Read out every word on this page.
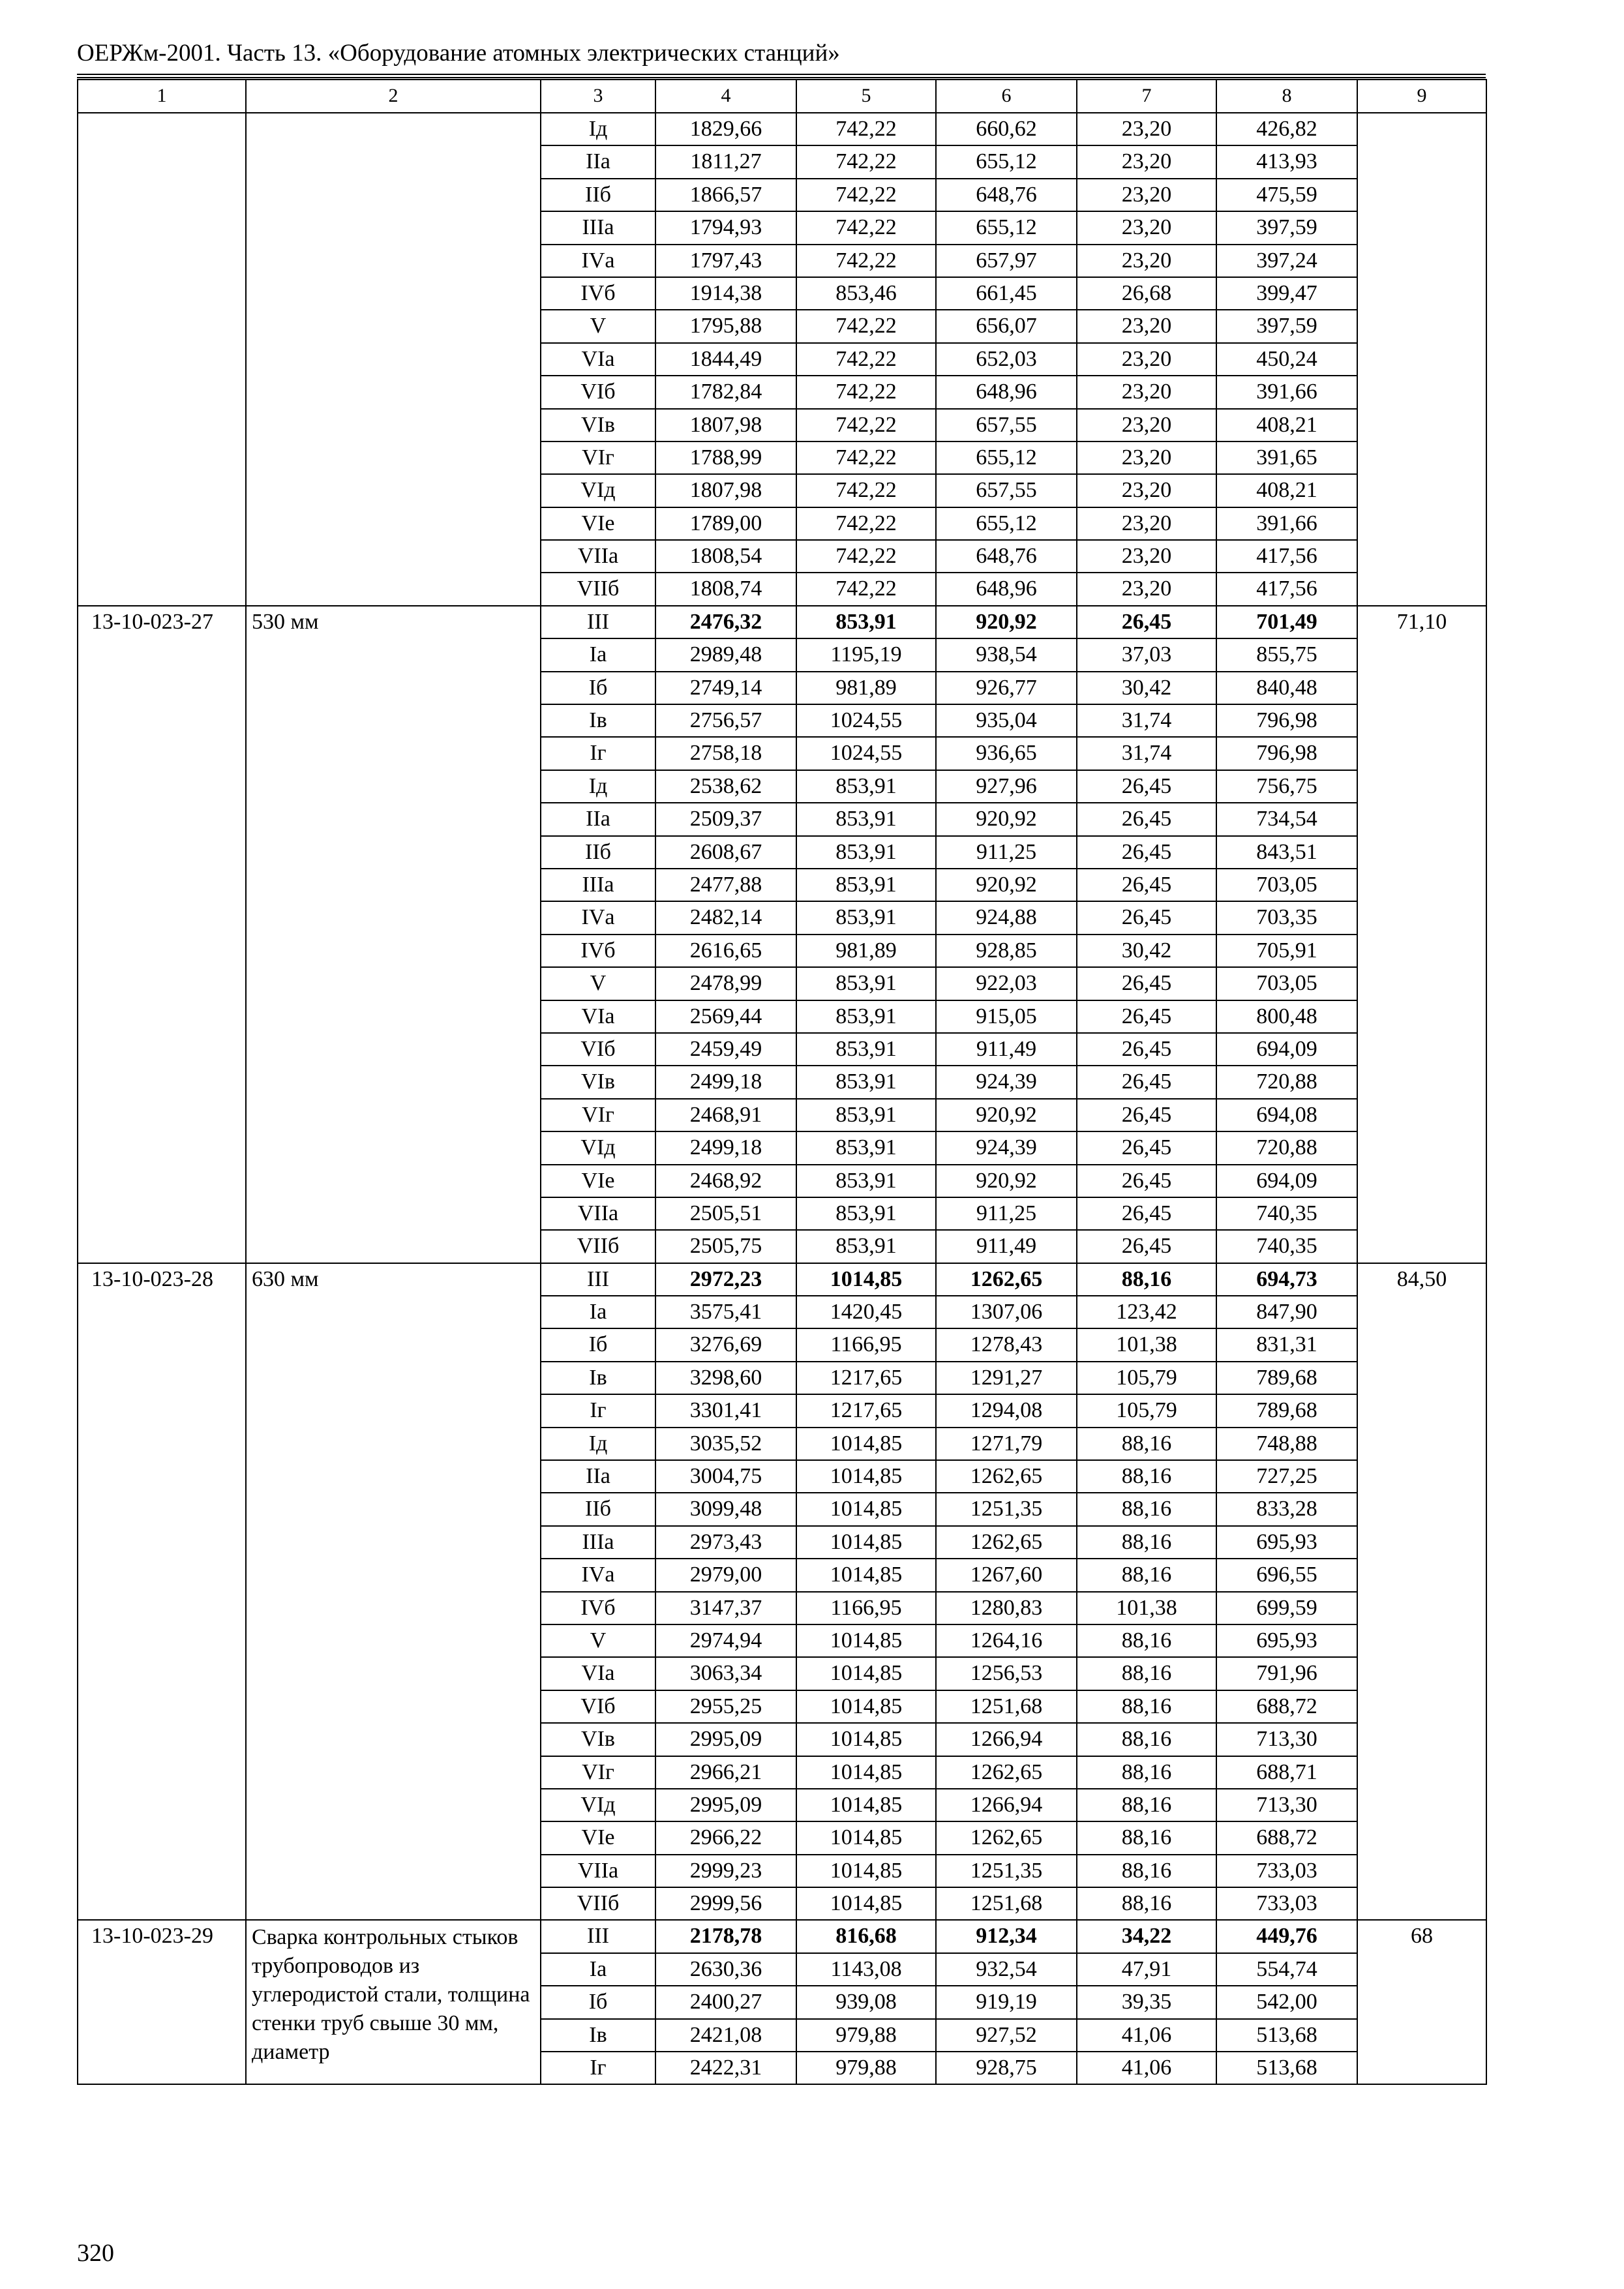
ОЕРЖм-2001. Часть 13. «Оборудование атомных электрических станций»
1	2	3	4	5	6	7	8	9
		Iд	1829,66	742,22	660,62	23,20	426,82	
		IIа	1811,27	742,22	655,12	23,20	413,93	
		IIб	1866,57	742,22	648,76	23,20	475,59	
		IIIа	1794,93	742,22	655,12	23,20	397,59	
		IVа	1797,43	742,22	657,97	23,20	397,24	
		IVб	1914,38	853,46	661,45	26,68	399,47	
		V	1795,88	742,22	656,07	23,20	397,59	
		VIа	1844,49	742,22	652,03	23,20	450,24	
		VIб	1782,84	742,22	648,96	23,20	391,66	
		VIв	1807,98	742,22	657,55	23,20	408,21	
		VIг	1788,99	742,22	655,12	23,20	391,65	
		VIд	1807,98	742,22	657,55	23,20	408,21	
		VIе	1789,00	742,22	655,12	23,20	391,66	
		VIIа	1808,54	742,22	648,76	23,20	417,56	
		VIIб	1808,74	742,22	648,96	23,20	417,56	
13-10-023-27	530 мм	III	2476,32	853,91	920,92	26,45	701,49	71,10
		Iа	2989,48	1195,19	938,54	37,03	855,75	
		Iб	2749,14	981,89	926,77	30,42	840,48	
		Iв	2756,57	1024,55	935,04	31,74	796,98	
		Iг	2758,18	1024,55	936,65	31,74	796,98	
		Iд	2538,62	853,91	927,96	26,45	756,75	
		IIа	2509,37	853,91	920,92	26,45	734,54	
		IIб	2608,67	853,91	911,25	26,45	843,51	
		IIIа	2477,88	853,91	920,92	26,45	703,05	
		IVа	2482,14	853,91	924,88	26,45	703,35	
		IVб	2616,65	981,89	928,85	30,42	705,91	
		V	2478,99	853,91	922,03	26,45	703,05	
		VIа	2569,44	853,91	915,05	26,45	800,48	
		VIб	2459,49	853,91	911,49	26,45	694,09	
		VIв	2499,18	853,91	924,39	26,45	720,88	
		VIг	2468,91	853,91	920,92	26,45	694,08	
		VIд	2499,18	853,91	924,39	26,45	720,88	
		VIе	2468,92	853,91	920,92	26,45	694,09	
		VIIа	2505,51	853,91	911,25	26,45	740,35	
		VIIб	2505,75	853,91	911,49	26,45	740,35	
13-10-023-28	630 мм	III	2972,23	1014,85	1262,65	88,16	694,73	84,50
		Iа	3575,41	1420,45	1307,06	123,42	847,90	
		Iб	3276,69	1166,95	1278,43	101,38	831,31	
		Iв	3298,60	1217,65	1291,27	105,79	789,68	
		Iг	3301,41	1217,65	1294,08	105,79	789,68	
		Iд	3035,52	1014,85	1271,79	88,16	748,88	
		IIа	3004,75	1014,85	1262,65	88,16	727,25	
		IIб	3099,48	1014,85	1251,35	88,16	833,28	
		IIIа	2973,43	1014,85	1262,65	88,16	695,93	
		IVа	2979,00	1014,85	1267,60	88,16	696,55	
		IVб	3147,37	1166,95	1280,83	101,38	699,59	
		V	2974,94	1014,85	1264,16	88,16	695,93	
		VIа	3063,34	1014,85	1256,53	88,16	791,96	
		VIб	2955,25	1014,85	1251,68	88,16	688,72	
		VIв	2995,09	1014,85	1266,94	88,16	713,30	
		VIг	2966,21	1014,85	1262,65	88,16	688,71	
		VIд	2995,09	1014,85	1266,94	88,16	713,30	
		VIе	2966,22	1014,85	1262,65	88,16	688,72	
		VIIа	2999,23	1014,85	1251,35	88,16	733,03	
		VIIб	2999,56	1014,85	1251,68	88,16	733,03	
13-10-023-29	Сварка контрольных стыков трубопроводов из углеродистой стали, толщина стенки труб свыше 30 мм, диаметр	III	2178,78	816,68	912,34	34,22	449,76	68
		Iа	2630,36	1143,08	932,54	47,91	554,74	
		Iб	2400,27	939,08	919,19	39,35	542,00	
		Iв	2421,08	979,88	927,52	41,06	513,68	
		Iг	2422,31	979,88	928,75	41,06	513,68	
320
